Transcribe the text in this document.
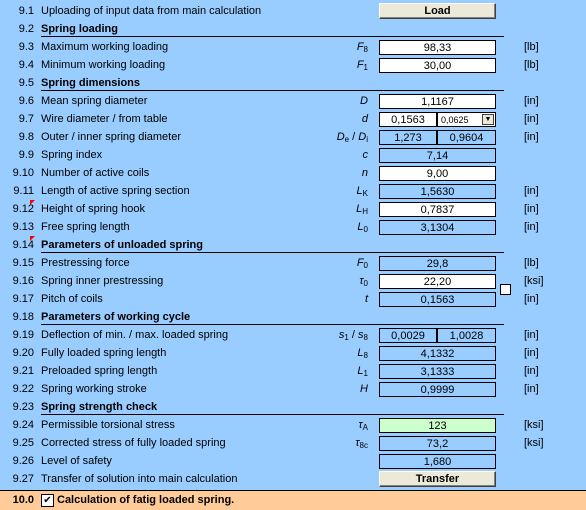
9.1 Uploading of input data from main calculation	Load
9.2 Spring loading
9.3 Maximum working loading	$F_8$	98,33	[lb]
9.4 Minimum working loading	$F_1$	30,00	[lb]
9.5 Spring dimensions
9.6 Mean spring diameter	D	1,1167	[in]
9.7 Wire diameter / from table	d	0,1563	0,0625	▼	[in]
9.8 Outer / inner spring diameter	$D_e / D_i$	1,273	0,9604	[in]
9.9 Spring index	c	7,14
9.10 Number of active coils	n	9,00
9.11 Length of active spring section	$L_K$	1,5630	[in]
9.12 Height of spring hook	$L_H$	0,7837	[in]
9.13 Free spring length	$L_0$	3,1304	[in]
9.14 Parameters of unloaded spring
9.15 Prestressing force	$F_0$	29,8	[lb]
9.16 Spring inner prestressing	$\tau_0$	22,20	[ksi]
9.17 Pitch of coils	t	0,1563	[in]
9.18 Parameters of working cycle
9.19 Deflection of min. / max. loaded spring	$s_1 / s_8$	0,0029	1,0028	[in]
9.20 Fully loaded spring length	$L_8$	4,1332	[in]
9.21 Preloaded spring length	$L_1$	3,1333	[in]
9.22 Spring working stroke	H	0,9999	[in]
9.23 Spring strength check
9.24 Permissible torsional stress	$\tau_A$	123	[ksi]
9.25 Corrected stress of fully loaded spring	$\tau_{8c}$	73,2	[ksi]
9.26 Level of safety	1,680
9.27 Transfer of solution into main calculation	Transfer
10.0 ✔ Calculation of fatig loaded spring.
